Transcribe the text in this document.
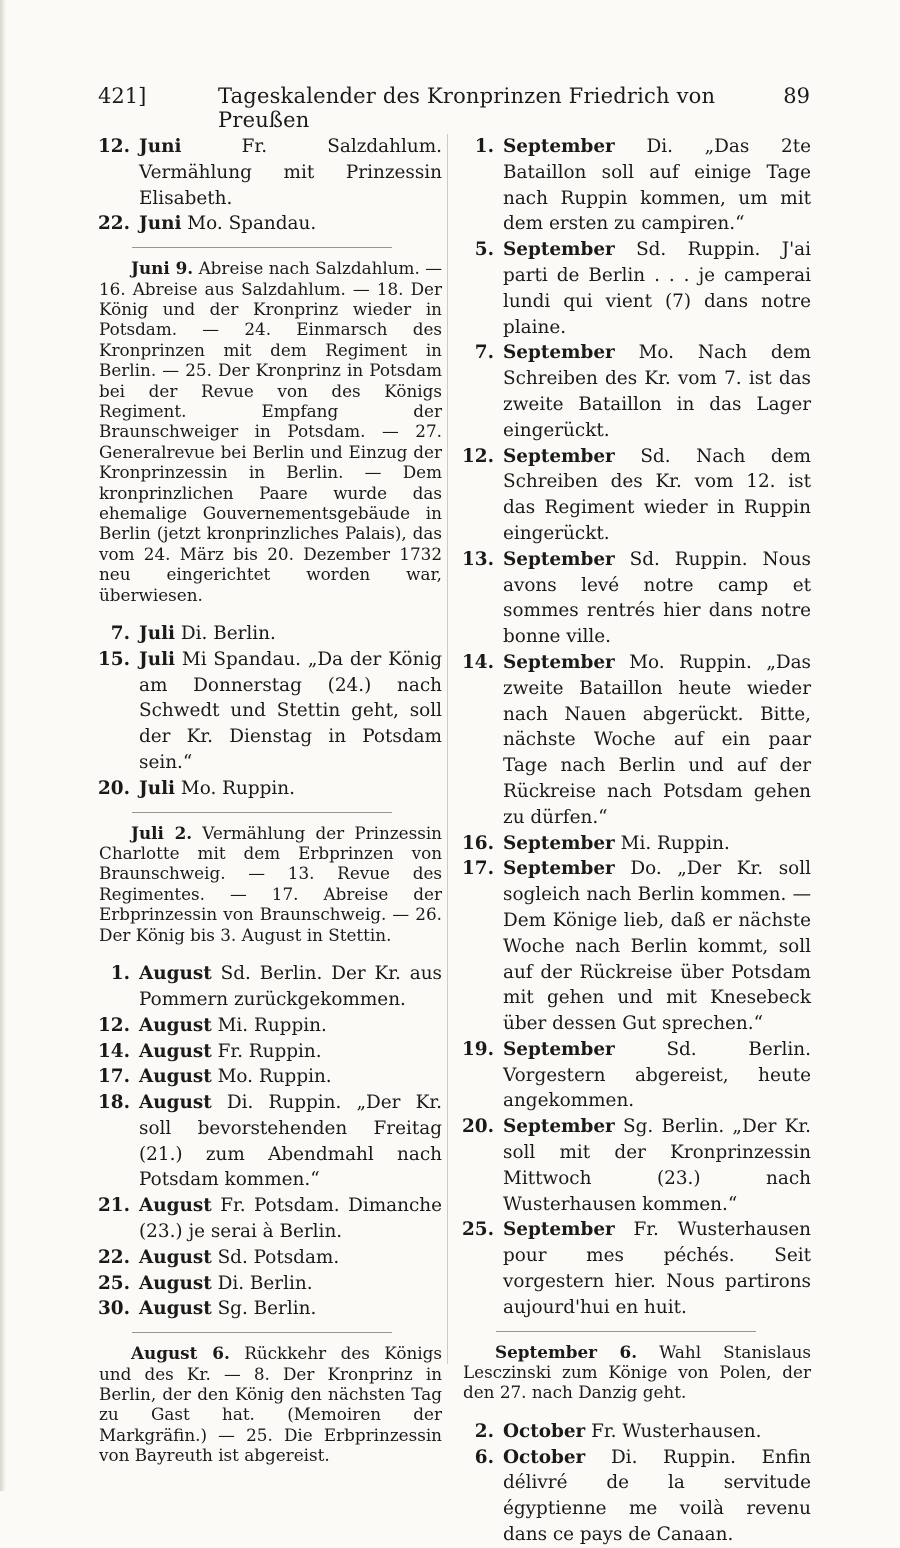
421]	Tageskalender des Kronprinzen Friedrich von Preußen
89
12. Juni	Fr. Salzdahlum. Vermählung mit Prinzessin Elisabeth.
22. Juni Mo. Spandau.
Juni 9. Abreise nach Salzdahlum. — 16. Abreise aus Salzdahlum. — 18. Der König und der Kronprinz wieder in Potsdam. — 24. Einmarsch des Kronprinzen mit dem Regiment in Berlin. — 25. Der Kronprinz in Potsdam bei der Revue von des Königs Regiment. Empfang der Braunschweiger in Potsdam. — 27. Generalrevue bei Berlin und Einzug der Kronprinzessin in Berlin. — Dem kronprinzlichen Paare wurde das ehemalige Gouvernementsgebäude in Berlin (jetzt kronprinzliches Palais), das vom 24. März bis 20. Dezember 1732 neu eingerichtet worden war, überwiesen.
7. Juli Di. Berlin.
15. Juli Mi Spandau. „Da der König am Donnerstag (24.) nach Schwedt und Stettin geht, soll der Kr. Dienstag in Potsdam sein.“
20. Juli Mo. Ruppin.
Juli 2. Vermählung der Prinzessin Charlotte mit dem Erbprinzen von Braunschweig. — 13. Revue des Regimentes. — 17. Abreise der Erbprinzessin von Braunschweig. — 26. Der König bis 3. August in Stettin.
1. August Sd. Berlin. Der Kr. aus Pommern zurückgekommen.
12. August Mi. Ruppin.
14. August Fr. Ruppin.
17. August Mo. Ruppin.
18. August Di. Ruppin. „Der Kr. soll bevorstehenden Freitag (21.) zum Abendmahl nach Potsdam kommen.“
21. August Fr. Potsdam. Dimanche (23.) je serai à Berlin.
22. August Sd. Potsdam.
25. August Di. Berlin.
30. August Sg. Berlin.
August 6. Rückkehr des Königs und des Kr. — 8. Der Kronprinz in Berlin, der den König den nächsten Tag zu Gast hat. (Memoiren der Markgräfin.) — 25. Die Erbprinzessin von Bayreuth ist abgereist.
1. September Di. „Das 2te Bataillon soll auf einige Tage nach Ruppin kommen, um mit dem ersten zu campiren.“
5. September Sd. Ruppin. J'ai parti de Berlin . . . je camperai lundi qui vient (7) dans notre plaine.
7. September Mo. Nach dem Schreiben des Kr. vom 7. ist das zweite Bataillon in das Lager eingerückt.
12. September Sd. Nach dem Schreiben des Kr. vom 12. ist das Regiment wieder in Ruppin eingerückt.
13. September Sd. Ruppin. Nous avons levé notre camp et sommes rentrés hier dans notre bonne ville.
14. September Mo. Ruppin. „Das zweite Bataillon heute wieder nach Nauen abgerückt. Bitte, nächste Woche auf ein paar Tage nach Berlin und auf der Rückreise nach Potsdam gehen zu dürfen.“
16. September Mi. Ruppin.
17. September Do. „Der Kr. soll sogleich nach Berlin kommen. — Dem Könige lieb, daß er nächste Woche nach Berlin kommt, soll auf der Rückreise über Potsdam mit gehen und mit Knesebeck über dessen Gut sprechen.“
19. September	Sd. Berlin. Vorgestern abgereist, heute angekommen.
20. September Sg. Berlin. „Der Kr. soll mit der Kronprinzessin Mittwoch (23.) nach Wusterhausen kommen.“
25. September Fr. Wusterhausen pour mes péchés. Seit vorgestern hier. Nous partirons aujourd'hui en huit.
September 6. Wahl Stanislaus Lesczinski zum Könige von Polen, der den 27. nach Danzig geht.
2. October Fr. Wusterhausen.
6. October Di. Ruppin. Enfin délivré de la servitude égyptienne me voilà revenu dans ce pays de Canaan.
